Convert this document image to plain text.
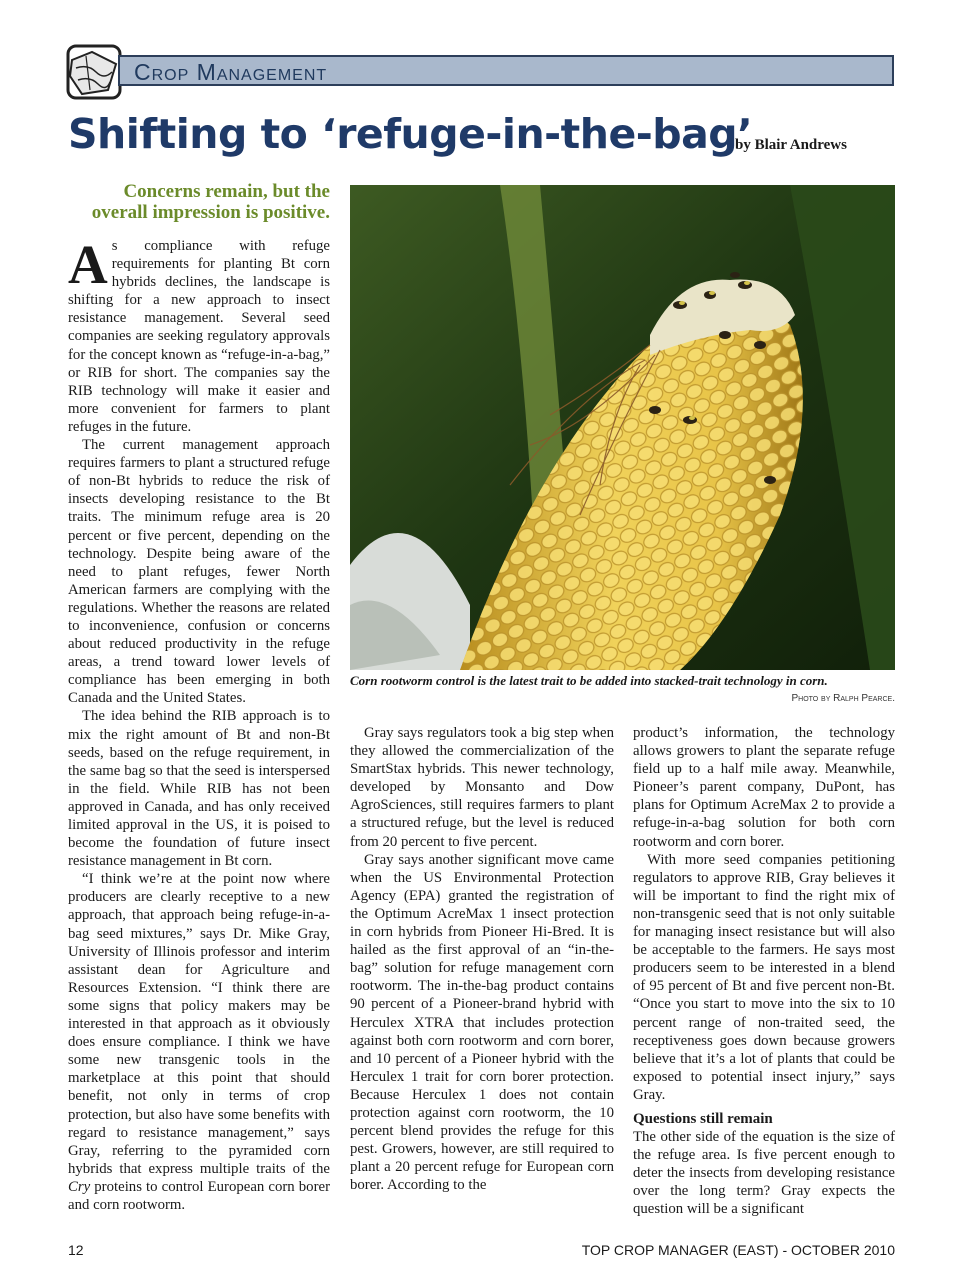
Crop Management
Shifting to ‘refuge-in-the-bag’
by Blair Andrews
Concerns remain, but the overall impression is positive.

As compliance with refuge requirements for planting Bt corn hybrids declines, the landscape is shifting for a new approach to insect resistance management. Several seed companies are seeking regulatory approvals for the concept known as “refuge-in-a-bag,” or RIB for short. The companies say the RIB technology will make it easier and more convenient for farmers to plant refuges in the future.

The current management approach requires farmers to plant a structured refuge of non-Bt hybrids to reduce the risk of insects developing resistance to the Bt traits. The minimum refuge area is 20 percent or five percent, depending on the technology. Despite being aware of the need to plant refuges, fewer North American farmers are complying with the regulations. Whether the reasons are related to inconvenience, confusion or concerns about reduced productivity in the refuge areas, a trend toward lower levels of compliance has been emerging in both Canada and the United States.

The idea behind the RIB approach is to mix the right amount of Bt and non-Bt seeds, based on the refuge requirement, in the same bag so that the seed is interspersed in the field. While RIB has not been approved in Canada, and has only received limited approval in the US, it is poised to become the foundation of future insect resistance management in Bt corn.

“I think we’re at the point now where producers are clearly receptive to a new approach, that approach being refuge-in-a-bag seed mixtures,” says Dr. Mike Gray, University of Illinois professor and interim assistant dean for Agriculture and Resources Extension. “I think there are some signs that policy makers may be interested in that approach as it obviously does ensure compliance. I think we have some new transgenic tools in the marketplace at this point that should benefit, not only in terms of crop protection, but also have some benefits with regard to resistance management,” says Gray, referring to the pyramided corn hybrids that express multiple traits of the Cry proteins to control European corn borer and corn rootworm.

Corn rootworm control is the latest trait to be added into stacked-trait technology in corn.
Photo by Ralph Pearce.

Gray says regulators took a big step when they allowed the commercialization of the SmartStax hybrids. This newer technology, developed by Monsanto and Dow AgroSciences, still requires farmers to plant a structured refuge, but the level is reduced from 20 percent to five percent.

Gray says another significant move came when the US Environmental Protection Agency (EPA) granted the registration of the Optimum AcreMax 1 insect protection in corn hybrids from Pioneer Hi-Bred. It is hailed as the first approval of an “in-the-bag” solution for refuge management corn rootworm. The in-the-bag product contains 90 percent of a Pioneer-brand hybrid with Herculex XTRA that includes protection against both corn rootworm and corn borer, and 10 percent of a Pioneer hybrid with the Herculex 1 trait for corn borer protection. Because Herculex 1 does not contain protection against corn rootworm, the 10 percent blend provides the refuge for this pest. Growers, however, are still required to plant a 20 percent refuge for European corn borer. According to the

product’s information, the technology allows growers to plant the separate refuge field up to a half mile away. Meanwhile, Pioneer’s parent company, DuPont, has plans for Optimum AcreMax 2 to provide a refuge-in-a-bag solution for both corn rootworm and corn borer.

With more seed companies petitioning regulators to approve RIB, Gray believes it will be important to find the right mix of non-transgenic seed that is not only suitable for managing insect resistance but will also be acceptable to the farmers. He says most producers seem to be interested in a blend of 95 percent of Bt and five percent non-Bt. “Once you start to move into the six to 10 percent range of non-traited seed, the receptiveness goes down because growers believe that it’s a lot of plants that could be exposed to potential insect injury,” says Gray.

Questions still remain

The other side of the equation is the size of the refuge area. Is five percent enough to deter the insects from developing resistance over the long term? Gray expects the question will be a significant

12	TOP CROP MANAGER (EAST) - OCTOBER 2010
